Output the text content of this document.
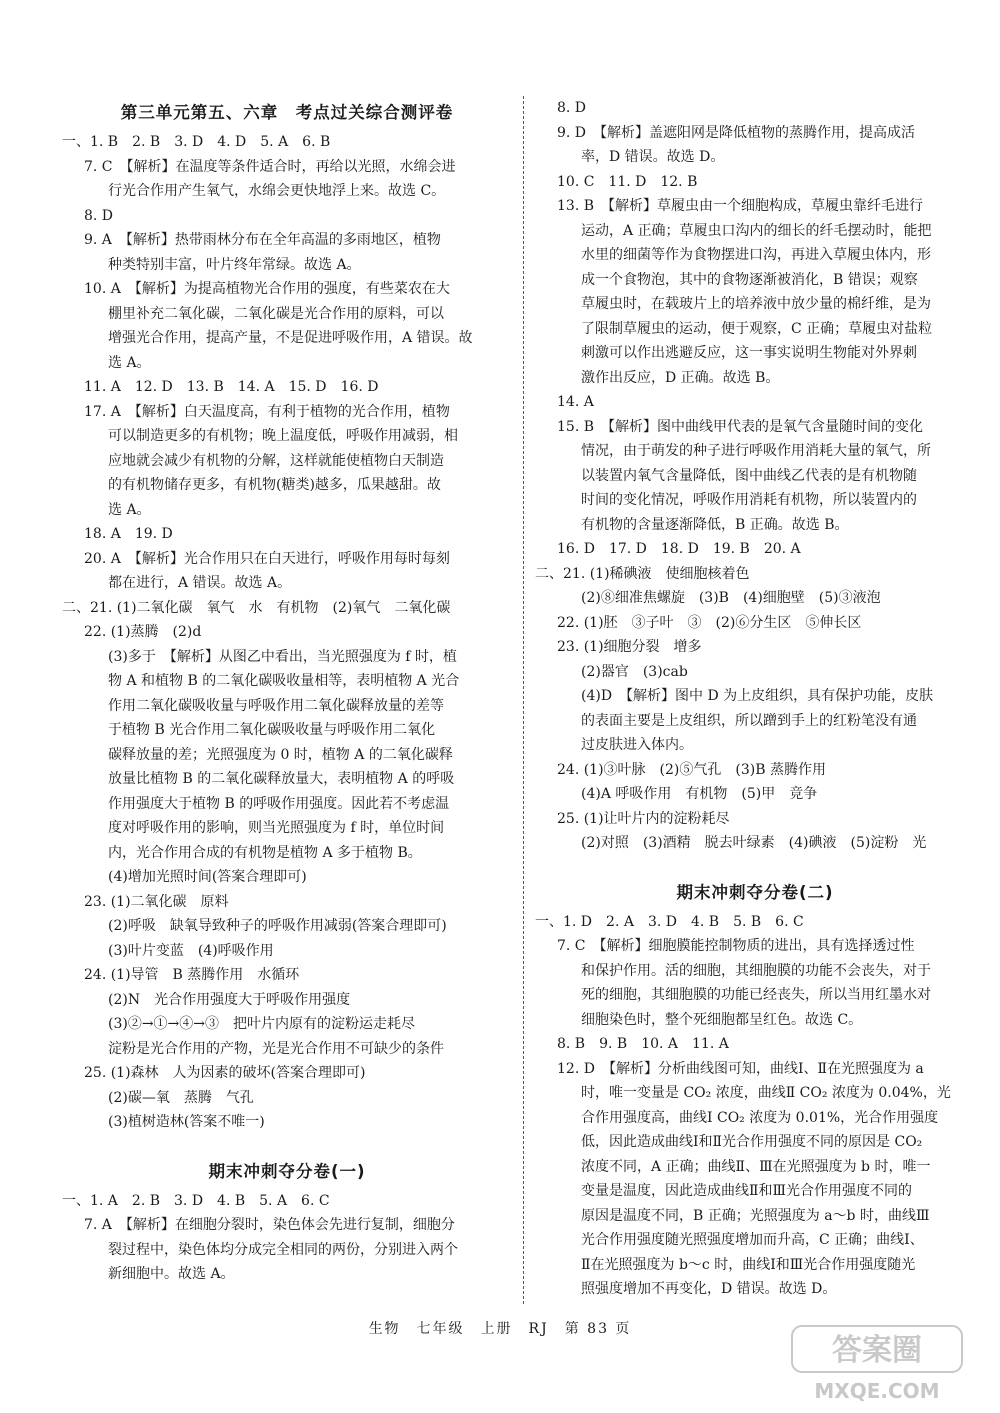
第三单元第五、六章　考点过关综合测评卷
一、1. B　2. B　3. D　4. D　5. A　6. B
7. C　【解析】在温度等条件适合时，再给以光照，水绵会进
行光合作用产生氧气，水绵会更快地浮上来。故选 C。
8. D
9. A　【解析】热带雨林分布在全年高温的多雨地区，植物
种类特别丰富，叶片终年常绿。故选 A。
10. A　【解析】为提高植物光合作用的强度，有些菜农在大
棚里补充二氧化碳，二氧化碳是光合作用的原料，可以
增强光合作用，提高产量，不是促进呼吸作用，A 错误。故
选 A。
11. A　12. D　13. B　14. A　15. D　16. D
17. A　【解析】白天温度高，有利于植物的光合作用，植物
可以制造更多的有机物；晚上温度低，呼吸作用减弱，相
应地就会减少有机物的分解，这样就能使植物白天制造
的有机物储存更多，有机物(糖类)越多，瓜果越甜。故
选 A。
18. A　19. D
20. A　【解析】光合作用只在白天进行，呼吸作用每时每刻
都在进行，A 错误。故选 A。
二、21. (1)二氧化碳　氧气　水　有机物　(2)氧气　二氧化碳
22. (1)蒸腾　(2)d
(3)多于　【解析】从图乙中看出，当光照强度为 f 时，植
物 A 和植物 B 的二氧化碳吸收量相等，表明植物 A 光合
作用二氧化碳吸收量与呼吸作用二氧化碳释放量的差等
于植物 B 光合作用二氧化碳吸收量与呼吸作用二氧化
碳释放量的差；光照强度为 0 时，植物 A 的二氧化碳释
放量比植物 B 的二氧化碳释放量大，表明植物 A 的呼吸
作用强度大于植物 B 的呼吸作用强度。因此若不考虑温
度对呼吸作用的影响，则当光照强度为 f 时，单位时间
内，光合作用合成的有机物是植物 A 多于植物 B。
(4)增加光照时间(答案合理即可)
23. (1)二氧化碳　原料
(2)呼吸　缺氧导致种子的呼吸作用减弱(答案合理即可)
(3)叶片变蓝　(4)呼吸作用
24. (1)导管　B 蒸腾作用　水循环
(2)N　光合作用强度大于呼吸作用强度
(3)②→①→④→③　把叶片内原有的淀粉运走耗尽　
淀粉是光合作用的产物，光是光合作用不可缺少的条件
25. (1)森林　人为因素的破坏(答案合理即可)
(2)碳—氧　蒸腾　气孔
(3)植树造林(答案不唯一)
期末冲刺夺分卷(一)
一、1. A　2. B　3. D　4. B　5. A　6. C
7. A　【解析】在细胞分裂时，染色体会先进行复制，细胞分
裂过程中，染色体均分成完全相同的两份，分别进入两个
新细胞中。故选 A。
8. D
9. D　【解析】盖遮阳网是降低植物的蒸腾作用，提高成活
率，D 错误。故选 D。
10. C　11. D　12. B
13. B　【解析】草履虫由一个细胞构成，草履虫靠纤毛进行
运动，A 正确；草履虫口沟内的细长的纤毛摆动时，能把
水里的细菌等作为食物摆进口沟，再进入草履虫体内，形
成一个食物泡，其中的食物逐渐被消化，B 错误；观察
草履虫时，在载玻片上的培养液中放少量的棉纤维，是为
了限制草履虫的运动，便于观察，C 正确；草履虫对盐粒
刺激可以作出逃避反应，这一事实说明生物能对外界刺
激作出反应，D 正确。故选 B。
14. A
15. B　【解析】图中曲线甲代表的是氧气含量随时间的变化
情况，由于萌发的种子进行呼吸作用消耗大量的氧气，所
以装置内氧气含量降低，图中曲线乙代表的是有机物随
时间的变化情况，呼吸作用消耗有机物，所以装置内的
有机物的含量逐渐降低，B 正确。故选 B。
16. D　17. D　18. D　19. B　20. A
二、21. (1)稀碘液　使细胞核着色
(2)⑧细准焦螺旋　(3)B　(4)细胞壁　(5)③液泡
22. (1)胚　③子叶　③　(2)⑥分生区　⑤伸长区
23. (1)细胞分裂　增多
(2)器官　(3)cab
(4)D　【解析】图中 D 为上皮组织，具有保护功能，皮肤
的表面主要是上皮组织，所以蹭到手上的红粉笔没有通
过皮肤进入体内。
24. (1)③叶脉　(2)⑤气孔　(3)B 蒸腾作用
(4)A 呼吸作用　有机物　(5)甲　竞争
25. (1)让叶片内的淀粉耗尽
(2)对照　(3)酒精　脱去叶绿素　(4)碘液　(5)淀粉　光
期末冲刺夺分卷(二)
一、1. D　2. A　3. D　4. B　5. B　6. C
7. C　【解析】细胞膜能控制物质的进出，具有选择透过性
和保护作用。活的细胞，其细胞膜的功能不会丧失，对于
死的细胞，其细胞膜的功能已经丧失，所以当用红墨水对
细胞染色时，整个死细胞都呈红色。故选 C。
8. B　9. B　10. A　11. A
12. D　【解析】分析曲线图可知，曲线Ⅰ、Ⅱ在光照强度为 a
时，唯一变量是 CO₂ 浓度，曲线Ⅱ CO₂ 浓度为 0.04%，光
合作用强度高，曲线Ⅰ CO₂ 浓度为 0.01%，光合作用强度
低，因此造成曲线Ⅰ和Ⅱ光合作用强度不同的原因是 CO₂
浓度不同，A 正确；曲线Ⅱ、Ⅲ在光照强度为 b 时，唯一
变量是温度，因此造成曲线Ⅱ和Ⅲ光合作用强度不同的
原因是温度不同，B 正确；光照强度为 a～b 时，曲线Ⅲ
光合作用强度随光照强度增加而升高，C 正确；曲线Ⅰ、
Ⅱ在光照强度为 b～c 时，曲线Ⅰ和Ⅲ光合作用强度随光
照强度增加不再变化，D 错误。故选 D。
生物　七年级　上册　RJ　第 83 页
答案圈
MXQE.COM
